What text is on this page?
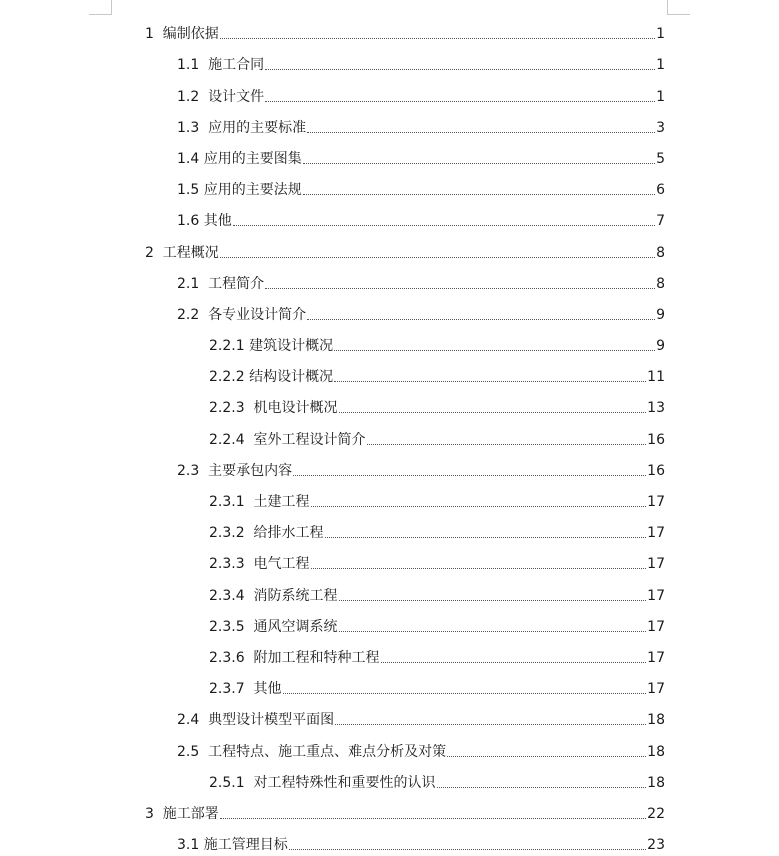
1  编制依据	1
1.1  施工合同	1
1.2  设计文件	1
1.3  应用的主要标准	3
1.4 应用的主要图集	5
1.5 应用的主要法规	6
1.6 其他	7
2  工程概况	8
2.1  工程简介	8
2.2  各专业设计简介	9
2.2.1 建筑设计概况	9
2.2.2 结构设计概况	11
2.2.3  机电设计概况	13
2.2.4  室外工程设计简介	16
2.3  主要承包内容	16
2.3.1  土建工程	17
2.3.2  给排水工程	17
2.3.3  电气工程	17
2.3.4  消防系统工程	17
2.3.5  通风空调系统	17
2.3.6  附加工程和特种工程	17
2.3.7  其他	17
2.4  典型设计模型平面图	18
2.5  工程特点、施工重点、难点分析及对策	18
2.5.1  对工程特殊性和重要性的认识	18
3  施工部署	22
3.1 施工管理目标	23
